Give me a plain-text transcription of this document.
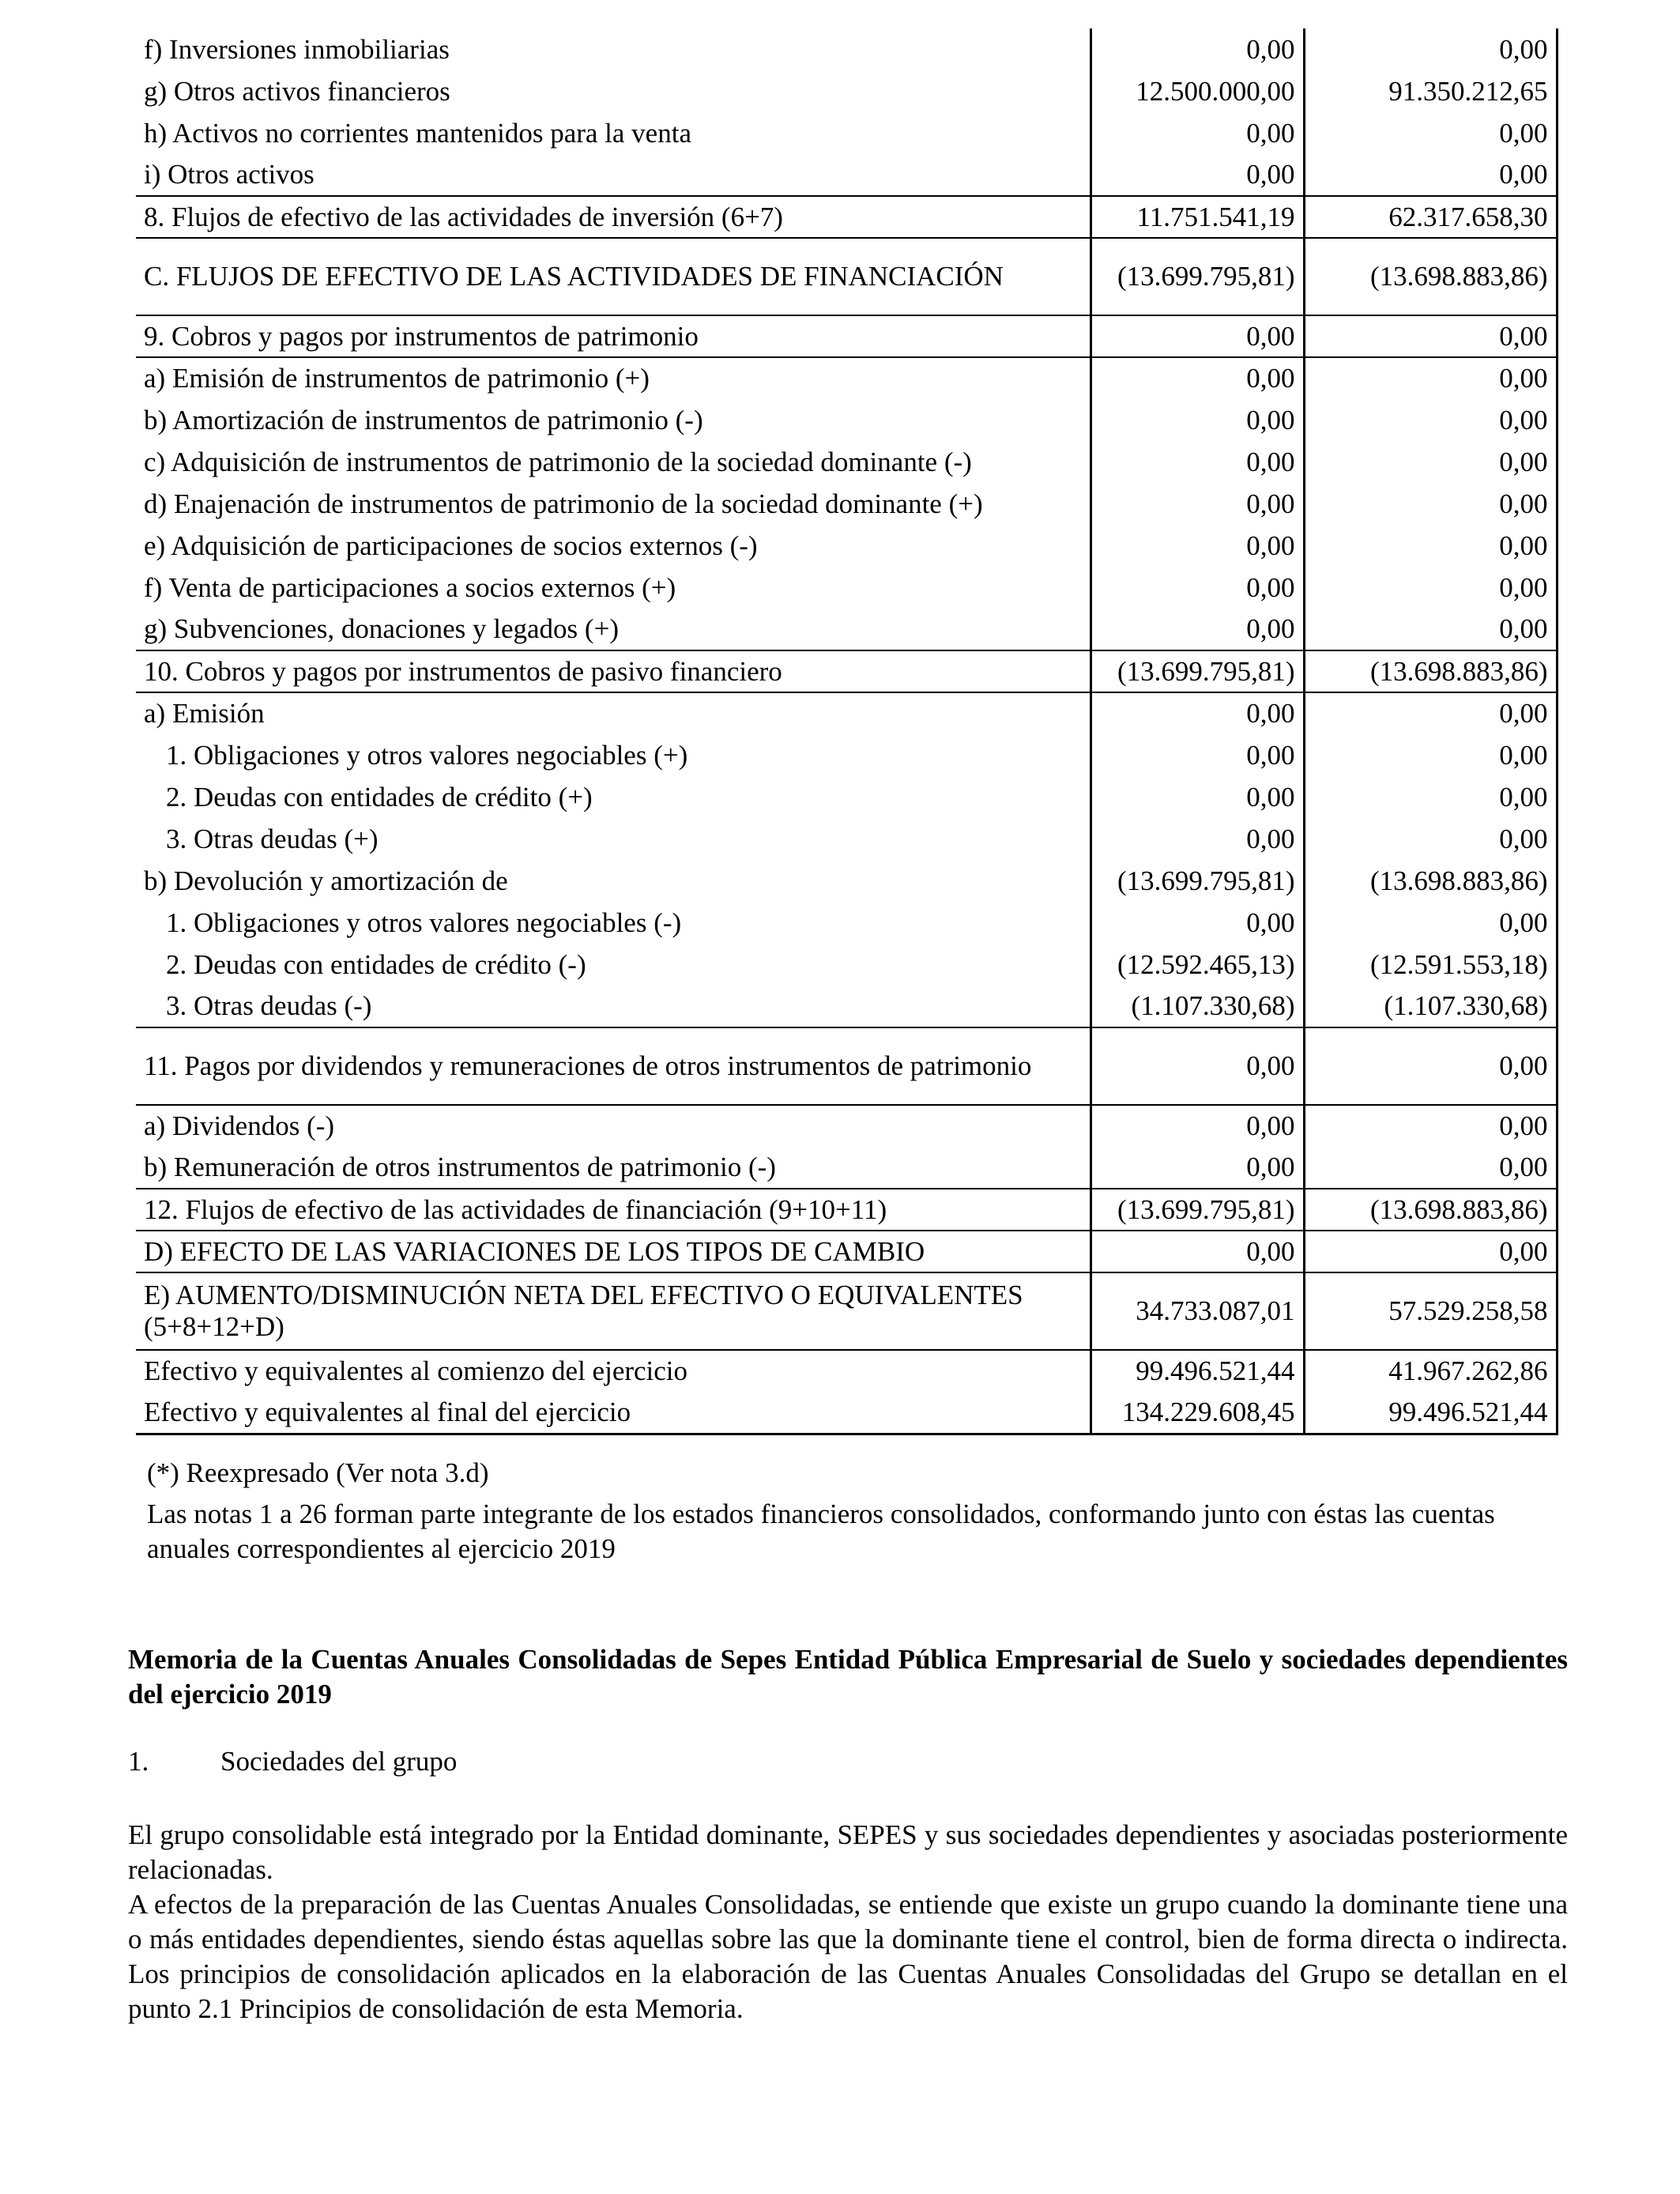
f) Inversiones inmobiliarias	0,00	0,00
g) Otros activos financieros	12.500.000,00	91.350.212,65
h) Activos no corrientes mantenidos para la venta	0,00	0,00
i) Otros activos	0,00	0,00
8. Flujos de efectivo de las actividades de inversión (6+7)	11.751.541,19	62.317.658,30
C. FLUJOS DE EFECTIVO DE LAS ACTIVIDADES DE FINANCIACIÓN	(13.699.795,81)	(13.698.883,86)
9. Cobros y pagos por instrumentos de patrimonio	0,00	0,00
a) Emisión de instrumentos de patrimonio (+)	0,00	0,00
b) Amortización de instrumentos de patrimonio (-)	0,00	0,00
c) Adquisición de instrumentos de patrimonio de la sociedad dominante (-)	0,00	0,00
d) Enajenación de instrumentos de patrimonio de la sociedad dominante (+)	0,00	0,00
e) Adquisición de participaciones de socios externos (-)	0,00	0,00
f) Venta de participaciones a socios externos (+)	0,00	0,00
g) Subvenciones, donaciones y legados (+)	0,00	0,00
10. Cobros y pagos por instrumentos de pasivo financiero	(13.699.795,81)	(13.698.883,86)
a) Emisión	0,00	0,00
1. Obligaciones y otros valores negociables (+)	0,00	0,00
2. Deudas con entidades de crédito (+)	0,00	0,00
3. Otras deudas (+)	0,00	0,00
b) Devolución y amortización de	(13.699.795,81)	(13.698.883,86)
1. Obligaciones y otros valores negociables (-)	0,00	0,00
2. Deudas con entidades de crédito (-)	(12.592.465,13)	(12.591.553,18)
3. Otras deudas (-)	(1.107.330,68)	(1.107.330,68)
11. Pagos por dividendos y remuneraciones de otros instrumentos de patrimonio	0,00	0,00
a) Dividendos (-)	0,00	0,00
b) Remuneración de otros instrumentos de patrimonio (-)	0,00	0,00
12. Flujos de efectivo de las actividades de financiación (9+10+11)	(13.699.795,81)	(13.698.883,86)
D) EFECTO DE LAS VARIACIONES DE LOS TIPOS DE CAMBIO	0,00	0,00
E) AUMENTO/DISMINUCIÓN NETA DEL EFECTIVO O EQUIVALENTES (5+8+12+D)	34.733.087,01	57.529.258,58
Efectivo y equivalentes al comienzo del ejercicio	99.496.521,44	41.967.262,86
Efectivo y equivalentes al final del ejercicio	134.229.608,45	99.496.521,44
(*) Reexpresado (Ver nota 3.d)
Las notas 1 a 26 forman parte integrante de los estados financieros consolidados, conformando junto con éstas las cuentas anuales correspondientes al ejercicio 2019
Memoria de la Cuentas Anuales Consolidadas de Sepes Entidad Pública Empresarial de Suelo y sociedades dependientes del ejercicio 2019
1.	Sociedades del grupo
El grupo consolidable está integrado por la Entidad dominante, SEPES y sus sociedades dependientes y asociadas posteriormente relacionadas.
A efectos de la preparación de las Cuentas Anuales Consolidadas, se entiende que existe un grupo cuando la dominante tiene una o más entidades dependientes, siendo éstas aquellas sobre las que la dominante tiene el control, bien de forma directa o indirecta. Los principios de consolidación aplicados en la elaboración de las Cuentas Anuales Consolidadas del Grupo se detallan en el punto 2.1 Principios de consolidación de esta Memoria.
